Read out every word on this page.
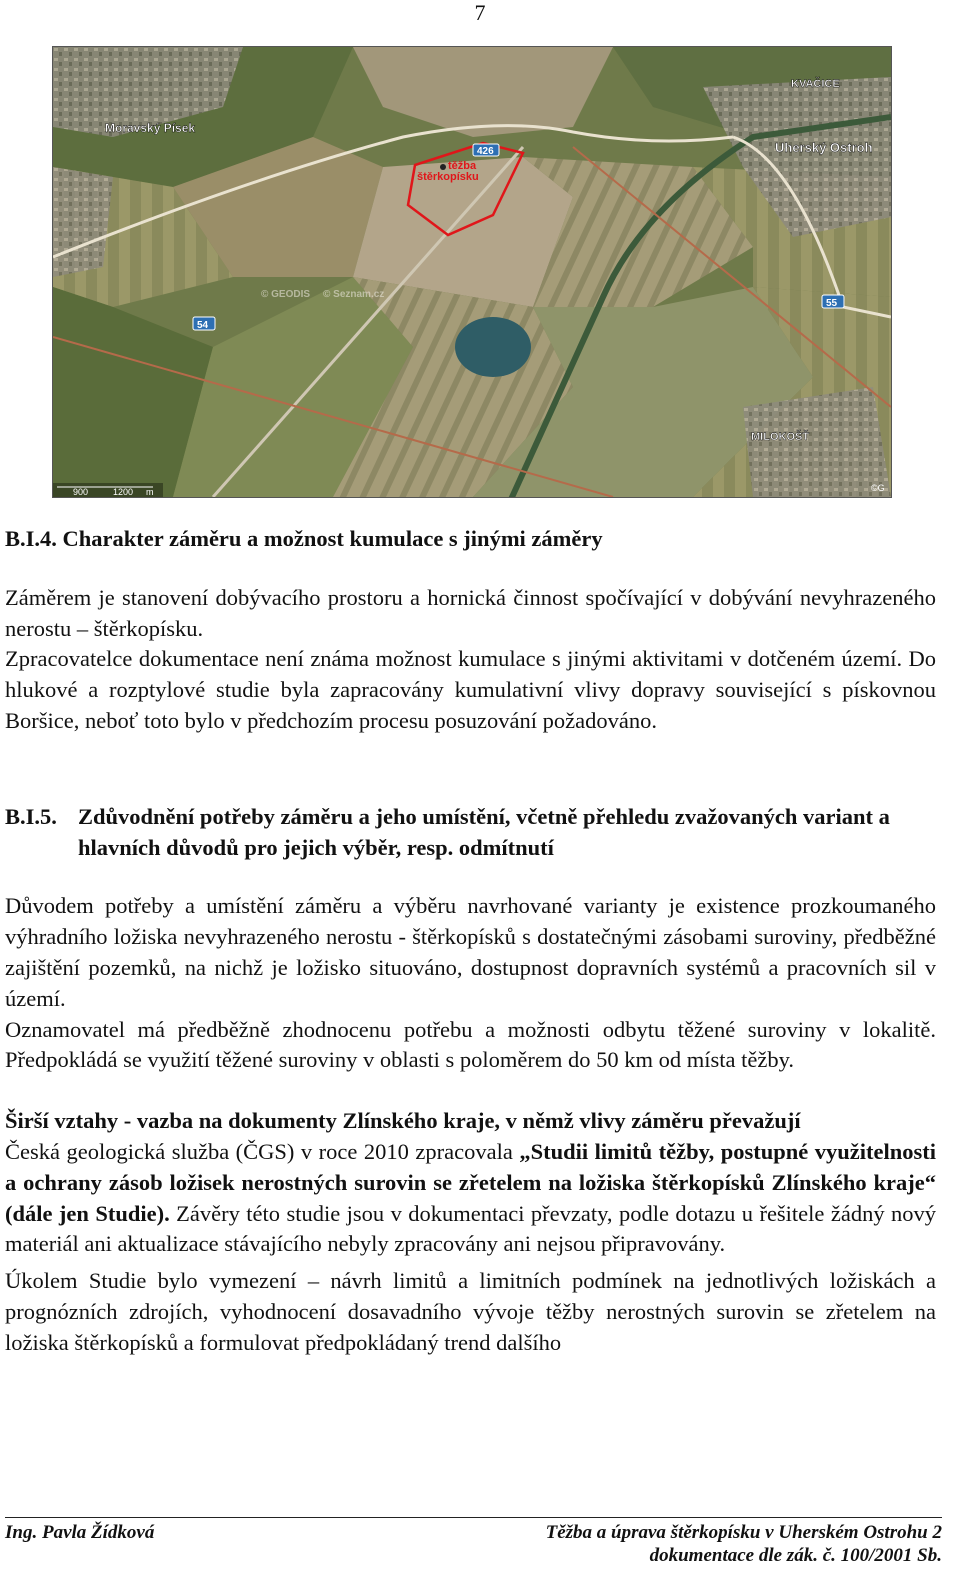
7
Moravský Písek
KVAČICE
Uherský Ostroh
MILOKOŠŤ
těžba
štěrkopísku
426
54
55
© GEODIS © Seznam.cz
900	1200 m	©G

B.I.4. Charakter záměru a možnost kumulace s jinými záměry

Záměrem je stanovení dobývacího prostoru a hornická činnost spočívající v dobývání nevyhrazeného nerostu – štěrkopísku.

Zpracovatelce dokumentace není známa možnost kumulace s jinými aktivitami v dotčeném území. Do hlukové a rozptylové studie byla zapracovány kumulativní vlivy dopravy související s pískovnou Boršice, neboť toto bylo v předchozím procesu posuzování požadováno.

B.I.5. Zdůvodnění potřeby záměru a jeho umístění, včetně přehledu zvažovaných variant a hlavních důvodů pro jejich výběr, resp. odmítnutí

Důvodem potřeby a umístění záměru a výběru navrhované varianty je existence prozkoumaného výhradního ložiska nevyhrazeného nerostu - štěrkopísků s dostatečnými zásobami suroviny, předběžné zajištění pozemků, na nichž je ložisko situováno, dostupnost dopravních systémů a pracovních sil v území.

Oznamovatel má předběžně zhodnocenu potřebu a možnosti odbytu těžené suroviny v lokalitě. Předpokládá se využití těžené suroviny v oblasti s poloměrem do 50 km od místa těžby.

Širší vztahy - vazba na dokumenty Zlínského kraje, v němž vlivy záměru převažují

Česká geologická služba (ČGS) v roce 2010 zpracovala „Studii limitů těžby, postupné využitelnosti a ochrany zásob ložisek nerostných surovin se zřetelem na ložiska štěrkopísků Zlínského kraje“ (dále jen Studie). Závěry této studie jsou v dokumentaci převzaty, podle dotazu u řešitele žádný nový materiál ani aktualizace stávajícího nebyly zpracovány ani nejsou připravovány.

Úkolem Studie bylo vymezení – návrh limitů a limitních podmínek na jednotlivých ložiskách a prognózních zdrojích, vyhodnocení dosavadního vývoje těžby nerostných surovin se zřetelem na ložiska štěrkopísků a formulovat předpokládaný trend dalšího

Ing. Pavla Žídková	Těžba a úprava štěrkopísku v Uherském Ostrohu 2
dokumentace dle zák. č. 100/2001 Sb.
